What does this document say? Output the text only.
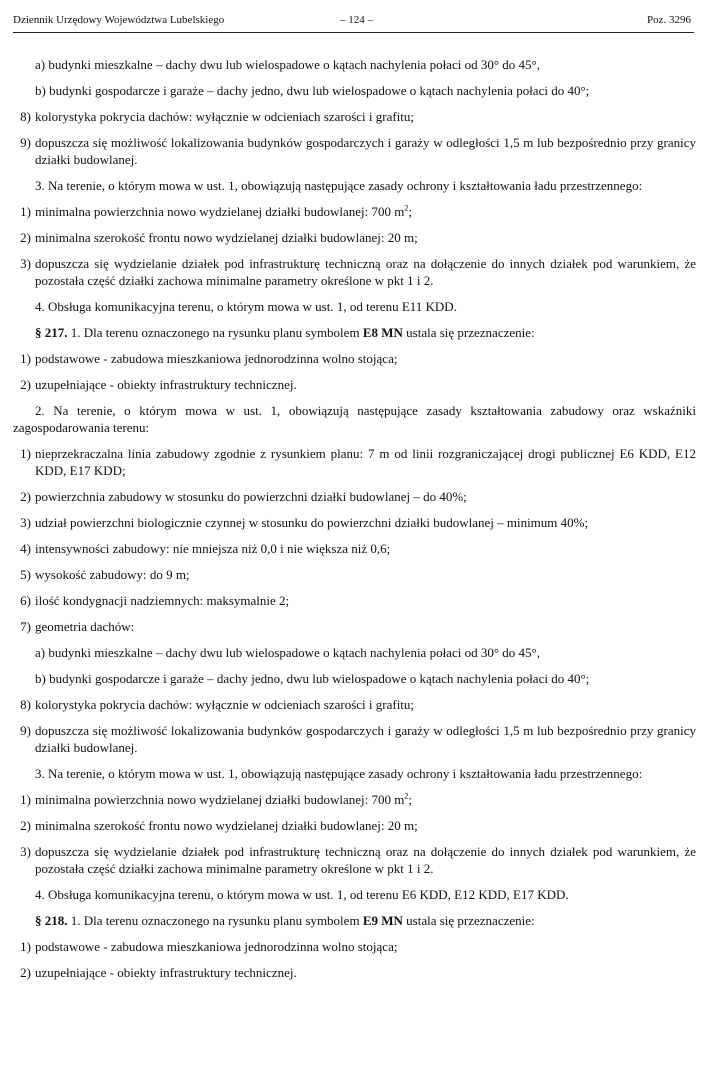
Dziennik Urzędowy Województwa Lubelskiego	– 124 –	Poz. 3296

a) budynki mieszkalne – dachy dwu lub wielospadowe o kątach nachylenia połaci od 30° do 45°,

b) budynki gospodarcze i garaże – dachy jedno, dwu lub wielospadowe o kątach nachylenia połaci do 40°;

8) kolorystyka pokrycia dachów: wyłącznie w odcieniach szarości i grafitu;
9) dopuszcza się możliwość lokalizowania budynków gospodarczych i garaży w odległości 1,5 m lub bezpośrednio przy granicy działki budowlanej.

3. Na terenie, o którym mowa w ust. 1, obowiązują następujące zasady ochrony i kształtowania ładu przestrzennego:

1) minimalna powierzchnia nowo wydzielanej działki budowlanej: 700 $m^2$;
2) minimalna szerokość frontu nowo wydzielanej działki budowlanej: 20 m;
3) dopuszcza się wydzielanie działek pod infrastrukturę techniczną oraz na dołączenie do innych działek pod warunkiem, że pozostała część działki zachowa minimalne parametry określone w pkt 1 i 2.

4. Obsługa komunikacyjna terenu, o którym mowa w ust. 1, od terenu E11 KDD.

§ 217. 1. Dla terenu oznaczonego na rysunku planu symbolem E8 MN ustala się przeznaczenie:

1) podstawowe - zabudowa mieszkaniowa jednorodzinna wolno stojąca;
2) uzupełniające - obiekty infrastruktury technicznej.

2. Na terenie, o którym mowa w ust. 1, obowiązują następujące zasady kształtowania zabudowy oraz wskaźniki zagospodarowania terenu:

1) nieprzekraczalna linia zabudowy zgodnie z rysunkiem planu: 7 m od linii rozgraniczającej drogi publicznej E6 KDD, E12 KDD, E17 KDD;
2) powierzchnia zabudowy w stosunku do powierzchni działki budowlanej – do 40%;
3) udział powierzchni biologicznie czynnej w stosunku do powierzchni działki budowlanej – minimum 40%;
4) intensywności zabudowy: nie mniejsza niż 0,0 i nie większa niż 0,6;
5) wysokość zabudowy: do 9 m;
6) ilość kondygnacji nadziemnych: maksymalnie 2;
7) geometria dachów:

a) budynki mieszkalne – dachy dwu lub wielospadowe o kątach nachylenia połaci od 30° do 45°,

b) budynki gospodarcze i garaże – dachy jedno, dwu lub wielospadowe o kątach nachylenia połaci do 40°;

8) kolorystyka pokrycia dachów: wyłącznie w odcieniach szarości i grafitu;
9) dopuszcza się możliwość lokalizowania budynków gospodarczych i garaży w odległości 1,5 m lub bezpośrednio przy granicy działki budowlanej.

3. Na terenie, o którym mowa w ust. 1, obowiązują następujące zasady ochrony i kształtowania ładu przestrzennego:

1) minimalna powierzchnia nowo wydzielanej działki budowlanej: 700 $m^2$;
2) minimalna szerokość frontu nowo wydzielanej działki budowlanej: 20 m;
3) dopuszcza się wydzielanie działek pod infrastrukturę techniczną oraz na dołączenie do innych działek pod warunkiem, że pozostała część działki zachowa minimalne parametry określone w pkt 1 i 2.

4. Obsługa komunikacyjna terenu, o którym mowa w ust. 1, od terenu E6 KDD, E12 KDD, E17 KDD.

§ 218. 1. Dla terenu oznaczonego na rysunku planu symbolem E9 MN ustala się przeznaczenie:

1) podstawowe - zabudowa mieszkaniowa jednorodzinna wolno stojąca;
2) uzupełniające - obiekty infrastruktury technicznej.
